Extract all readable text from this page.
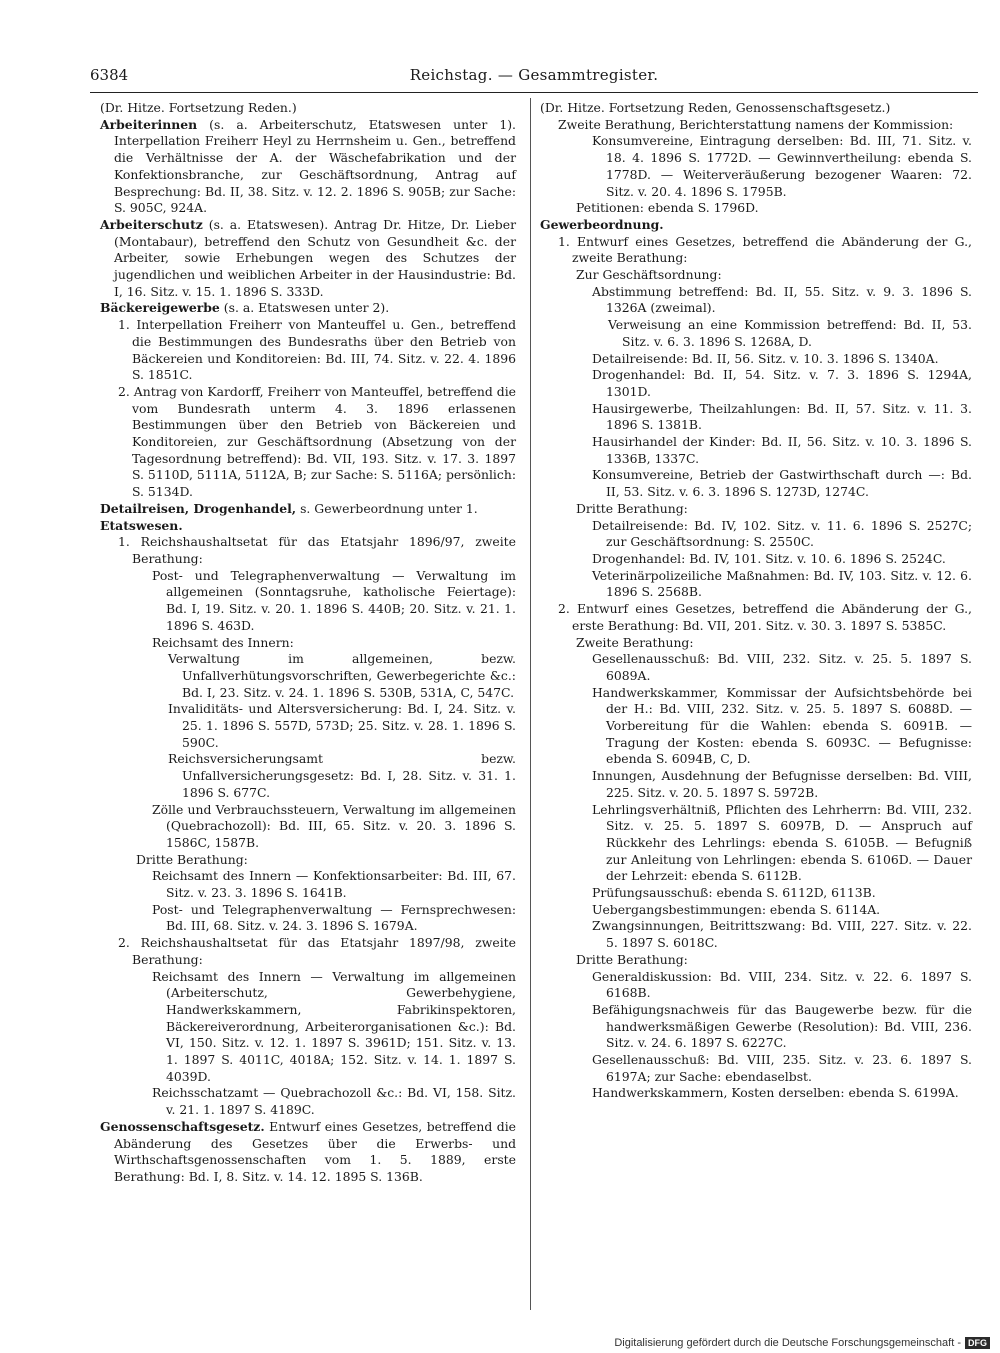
Reichstag. — Gesammtregister.
6384

(Dr. Hitze. Fortsetzung Reden.)

Arbeiterinnen (s. a. Arbeiterschutz, Etatswesen unter 1). Interpellation Freiherr Heyl zu Herrnsheim u. Gen., betreffend die Verhältnisse der A. der Wäschefabrikation und der Konfektionsbranche, zur Geschäftsordnung, Antrag auf Besprechung: Bd. II, 38. Sitz. v. 12. 2. 1896 S. 905B; zur Sache: S. 905C, 924A.

Arbeiterschutz (s. a. Etatswesen). Antrag Dr. Hitze, Dr. Lieber (Montabaur), betreffend den Schutz von Gesundheit &c. der Arbeiter, sowie Erhebungen wegen des Schutzes der jugendlichen und weiblichen Arbeiter in der Hausindustrie: Bd. I, 16. Sitz. v. 15. 1. 1896 S. 333D.

Bäckereigewerbe (s. a. Etatswesen unter 2).

1. Interpellation Freiherr von Manteuffel u. Gen., betreffend die Bestimmungen des Bundesraths über den Betrieb von Bäckereien und Konditoreien: Bd. III, 74. Sitz. v. 22. 4. 1896 S. 1851C.

2. Antrag von Kardorff, Freiherr von Manteuffel, betreffend die vom Bundesrath unterm 4. 3. 1896 erlassenen Bestimmungen über den Betrieb von Bäckereien und Konditoreien, zur Geschäftsordnung (Absetzung von der Tagesordnung betreffend): Bd. VII, 193. Sitz. v. 17. 3. 1897 S. 5110D, 5111A, 5112A, B; zur Sache: S. 5116A; persönlich: S. 5134D.

Detailreisen, Drogenhandel, s. Gewerbeordnung unter 1.

Etatswesen.

1. Reichshaushaltsetat für das Etatsjahr 1896/97, zweite Berathung:

Post- und Telegraphenverwaltung — Verwaltung im allgemeinen (Sonntagsruhe, katholische Feiertage): Bd. I, 19. Sitz. v. 20. 1. 1896 S. 440B; 20. Sitz. v. 21. 1. 1896 S. 463D.

Reichsamt des Innern:

Verwaltung im allgemeinen, bezw. Unfallverhütungsvorschriften, Gewerbegerichte &c.: Bd. I, 23. Sitz. v. 24. 1. 1896 S. 530B, 531A, C, 547C.

Invaliditäts- und Altersversicherung: Bd. I, 24. Sitz. v. 25. 1. 1896 S. 557D, 573D; 25. Sitz. v. 28. 1. 1896 S. 590C.

Reichsversicherungsamt bezw. Unfallversicherungsgesetz: Bd. I, 28. Sitz. v. 31. 1. 1896 S. 677C.

Zölle und Verbrauchssteuern, Verwaltung im allgemeinen (Quebrachozoll): Bd. III, 65. Sitz. v. 20. 3. 1896 S. 1586C, 1587B.

Dritte Berathung:

Reichsamt des Innern — Konfektionsarbeiter: Bd. III, 67. Sitz. v. 23. 3. 1896 S. 1641B.

Post- und Telegraphenverwaltung — Fernsprechwesen: Bd. III, 68. Sitz. v. 24. 3. 1896 S. 1679A.

2. Reichshaushaltsetat für das Etatsjahr 1897/98, zweite Berathung:

Reichsamt des Innern — Verwaltung im allgemeinen (Arbeiterschutz, Gewerbehygiene, Handwerkskammern, Fabrikinspektoren, Bäckereiverordnung, Arbeiterorganisationen &c.): Bd. VI, 150. Sitz. v. 12. 1. 1897 S. 3961D; 151. Sitz. v. 13. 1. 1897 S. 4011C, 4018A; 152. Sitz. v. 14. 1. 1897 S. 4039D.

Reichsschatzamt — Quebrachozoll &c.: Bd. VI, 158. Sitz. v. 21. 1. 1897 S. 4189C.

Genossenschaftsgesetz. Entwurf eines Gesetzes, betreffend die Abänderung des Gesetzes über die Erwerbs- und Wirthschaftsgenossenschaften vom 1. 5. 1889, erste Berathung: Bd. I, 8. Sitz. v. 14. 12. 1895 S. 136B.

(Dr. Hitze. Fortsetzung Reden, Genossenschaftsgesetz.)

Zweite Berathung, Berichterstattung namens der Kommission:

Konsumvereine, Eintragung derselben: Bd. III, 71. Sitz. v. 18. 4. 1896 S. 1772D. — Gewinnvertheilung: ebenda S. 1778D. — Weiterveräußerung bezogener Waaren: 72. Sitz. v. 20. 4. 1896 S. 1795B.

Petitionen: ebenda S. 1796D.

Gewerbeordnung.

1. Entwurf eines Gesetzes, betreffend die Abänderung der G., zweite Berathung:

Zur Geschäftsordnung:

Abstimmung betreffend: Bd. II, 55. Sitz. v. 9. 3. 1896 S. 1326A (zweimal).

Verweisung an eine Kommission betreffend: Bd. II, 53. Sitz. v. 6. 3. 1896 S. 1268A, D.

Detailreisende: Bd. II, 56. Sitz. v. 10. 3. 1896 S. 1340A.

Drogenhandel: Bd. II, 54. Sitz. v. 7. 3. 1896 S. 1294A, 1301D.

Hausirgewerbe, Theilzahlungen: Bd. II, 57. Sitz. v. 11. 3. 1896 S. 1381B.

Hausirhandel der Kinder: Bd. II, 56. Sitz. v. 10. 3. 1896 S. 1336B, 1337C.

Konsumvereine, Betrieb der Gastwirthschaft durch —: Bd. II, 53. Sitz. v. 6. 3. 1896 S. 1273D, 1274C.

Dritte Berathung:

Detailreisende: Bd. IV, 102. Sitz. v. 11. 6. 1896 S. 2527C; zur Geschäftsordnung: S. 2550C.

Drogenhandel: Bd. IV, 101. Sitz. v. 10. 6. 1896 S. 2524C.

Veterinärpolizeiliche Maßnahmen: Bd. IV, 103. Sitz. v. 12. 6. 1896 S. 2568B.

2. Entwurf eines Gesetzes, betreffend die Abänderung der G., erste Berathung: Bd. VII, 201. Sitz. v. 30. 3. 1897 S. 5385C.

Zweite Berathung:

Gesellenausschuß: Bd. VIII, 232. Sitz. v. 25. 5. 1897 S. 6089A.

Handwerkskammer, Kommissar der Aufsichtsbehörde bei der H.: Bd. VIII, 232. Sitz. v. 25. 5. 1897 S. 6088D. — Vorbereitung für die Wahlen: ebenda S. 6091B. — Tragung der Kosten: ebenda S. 6093C. — Befugnisse: ebenda S. 6094B, C, D.

Innungen, Ausdehnung der Befugnisse derselben: Bd. VIII, 225. Sitz. v. 20. 5. 1897 S. 5972B.

Lehrlingsverhältniß, Pflichten des Lehrherrn: Bd. VIII, 232. Sitz. v. 25. 5. 1897 S. 6097B, D. — Anspruch auf Rückkehr des Lehrlings: ebenda S. 6105B. — Befugniß zur Anleitung von Lehrlingen: ebenda S. 6106D. — Dauer der Lehrzeit: ebenda S. 6112B.

Prüfungsausschuß: ebenda S. 6112D, 6113B.

Uebergangsbestimmungen: ebenda S. 6114A.

Zwangsinnungen, Beitrittszwang: Bd. VIII, 227. Sitz. v. 22. 5. 1897 S. 6018C.

Dritte Berathung:

Generaldiskussion: Bd. VIII, 234. Sitz. v. 22. 6. 1897 S. 6168B.

Befähigungsnachweis für das Baugewerbe bezw. für die handwerksmäßigen Gewerbe (Resolution): Bd. VIII, 236. Sitz. v. 24. 6. 1897 S. 6227C.

Gesellenausschuß: Bd. VIII, 235. Sitz. v. 23. 6. 1897 S. 6197A; zur Sache: ebendaselbst.

Handwerkskammern, Kosten derselben: ebenda S. 6199A.

Digitalisierung gefördert durch die Deutsche Forschungsgemeinschaft - DFG
